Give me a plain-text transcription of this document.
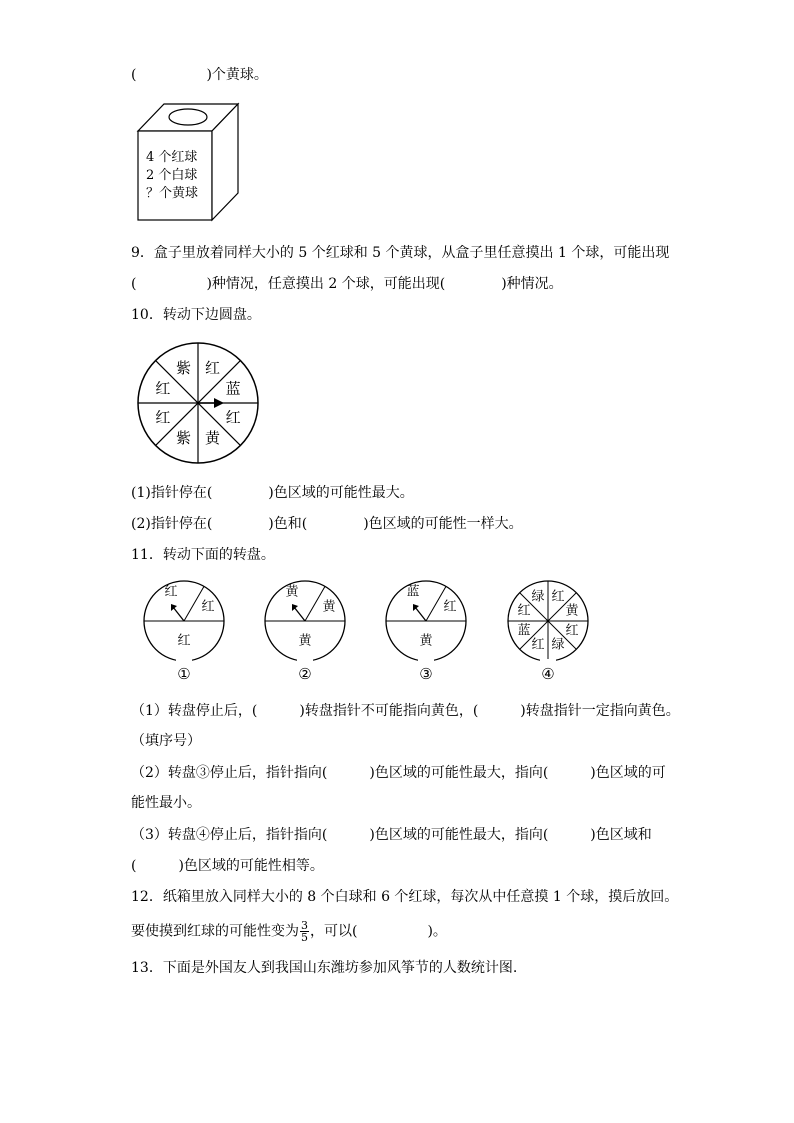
(　　　　　)个黄球。
4 个红球
2 个白球
？个黄球
9．盒子里放着同样大小的 5 个红球和 5 个黄球，从盒子里任意摸出 1 个球，可能出现
(　　　　　)种情况，任意摸出 2 个球，可能出现(　　　　)种情况。
10．转动下边圆盘。
红
蓝
红
黄
紫
红
红
紫
(1)指针停在(　　　　)色区域的可能性最大。
(2)指针停在(　　　　)色和(　　　　)色区域的可能性一样大。
11．转动下面的转盘。
红
红
红
①
黄
黄
黄
②
蓝
红
黄
③
红
黄
红
绿
红
蓝
红
绿
④
（1）转盘停止后，(　　　)转盘指针不可能指向黄色，(　　　)转盘指针一定指向黄色。
（填序号）
（2）转盘③停止后，指针指向(　　　)色区域的可能性最大，指向(　　　)色区域的可
能性最小。
（3）转盘④停止后，指针指向(　　　)色区域的可能性最大，指向(　　　)色区域和
(　　　)色区域的可能性相等。
12．纸箱里放入同样大小的 8 个白球和 6 个红球，每次从中任意摸 1 个球，摸后放回。
要使摸到红球的可能性变为 $\frac{3}{5}$ ，可以(　　　　　)。
13．下面是外国友人到我国山东潍坊参加风筝节的人数统计图.
